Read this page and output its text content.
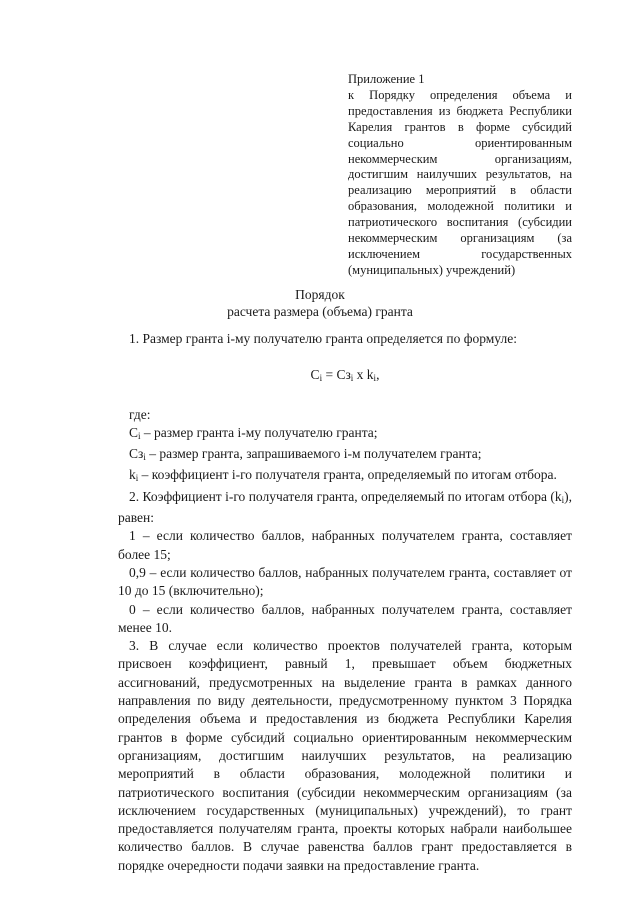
Приложение 1

к Порядку определения объема и предоставления из бюджета Республики Карелия грантов в форме субсидий социально ориентированным некоммерческим организациям, достигшим наилучших результатов, на реализацию мероприятий в области образования, молодежной политики и патриотического воспитания (субсидии некоммерческим организациям (за исключением государственных (муниципальных) учреждений)

Порядок

расчета размера (объема) гранта

1. Размер гранта i-му получателю гранта определяется по формуле:

$C_i = Сз_i$ x $k_i$,

где:

$C_i$ – размер гранта i-му получателю гранта;

$Сз_i$ – размер гранта, запрашиваемого i-м получателем гранта;

$k_i$ – коэффициент i-го получателя гранта, определяемый по итогам отбора.

2. Коэффициент i-го получателя гранта, определяемый по итогам отбора $(k_i)$, равен:

1 – если количество баллов, набранных получателем гранта, составляет более 15;

0,9 – если количество баллов, набранных получателем гранта, составляет от 10 до 15 (включительно);

0 – если количество баллов, набранных получателем гранта, составляет менее 10.

3. В случае если количество проектов получателей гранта, которым присвоен коэффициент, равный 1, превышает объем бюджетных ассигнований, предусмотренных на выделение гранта в рамках данного направления по виду деятельности, предусмотренному пунктом 3 Порядка определения объема и предоставления из бюджета Республики Карелия грантов в форме субсидий социально ориентированным некоммерческим организациям, достигшим наилучших результатов, на реализацию мероприятий в области образования, молодежной политики и патриотического воспитания (субсидии некоммерческим организациям (за исключением государственных (муниципальных) учреждений), то грант предоставляется получателям гранта, проекты которых набрали наибольшее количество баллов. В случае равенства баллов грант предоставляется в порядке очередности подачи заявки на предоставление гранта.
